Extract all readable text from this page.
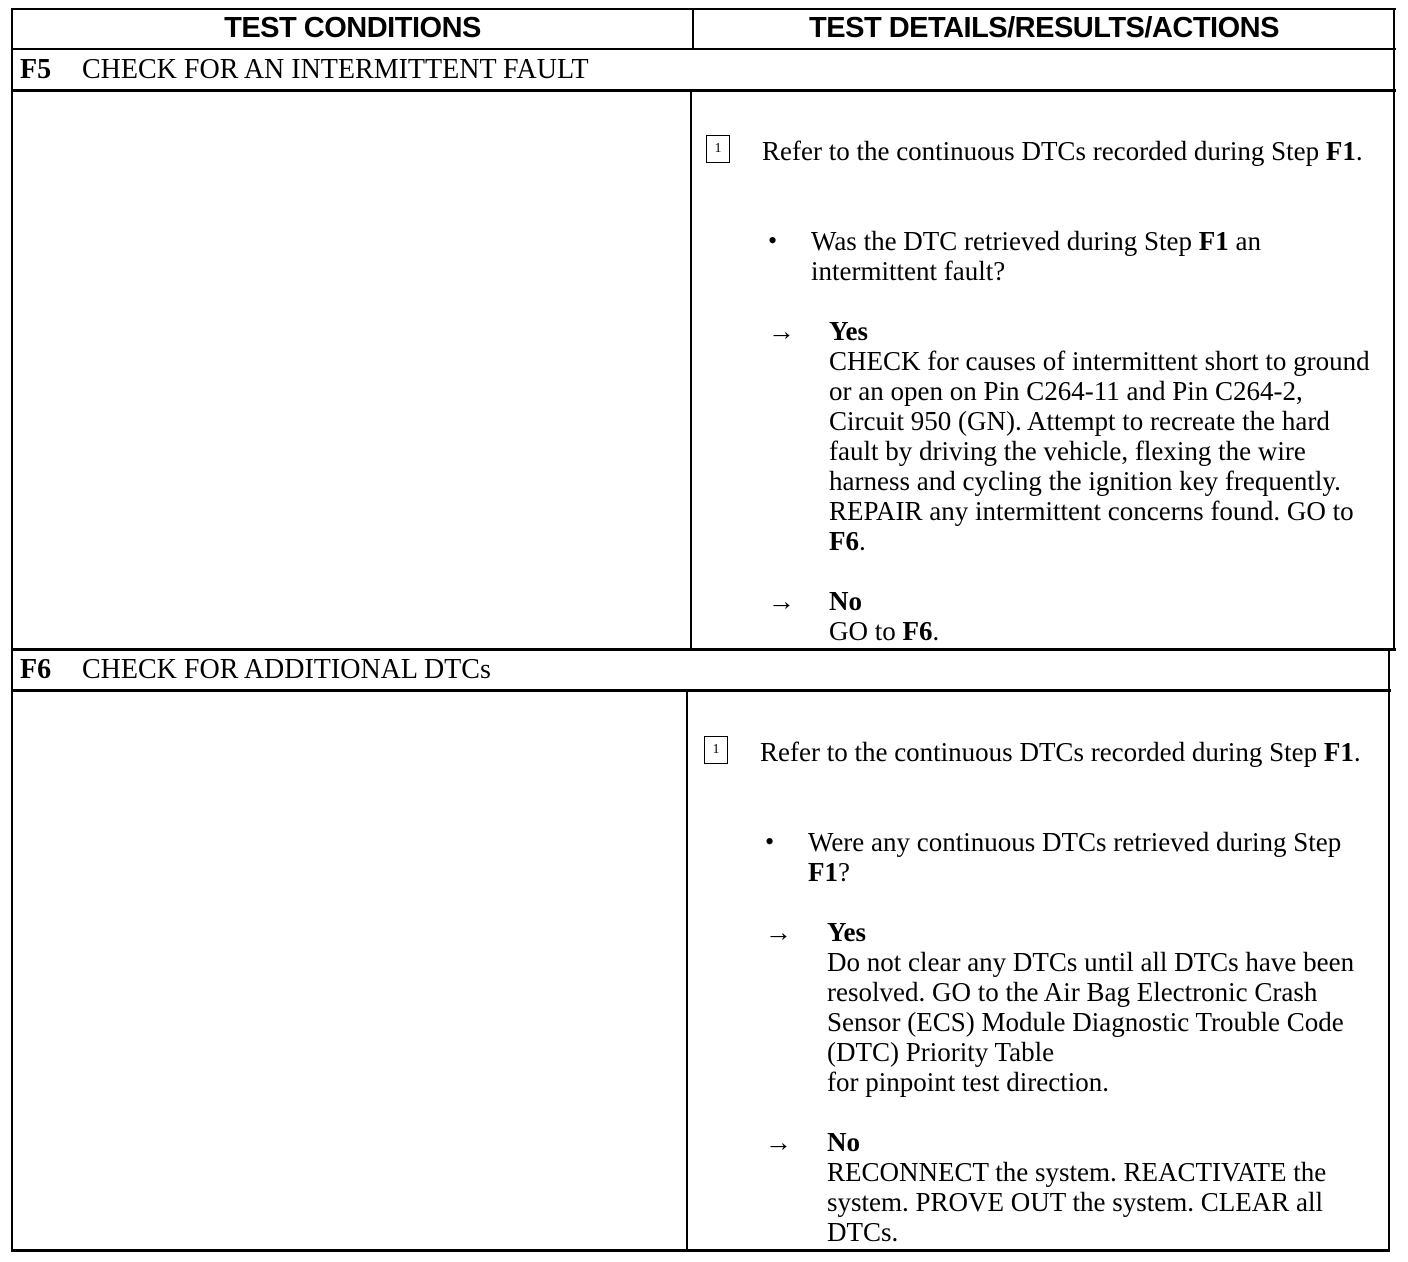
TEST CONDITIONS	TEST DETAILS/RESULTS/ACTIONS
F5 CHECK FOR AN INTERMITTENT FAULT
1	Refer to the continuous DTCs recorded during Step F1.
• Was the DTC retrieved during Step F1 an intermittent fault?
→ Yes
CHECK for causes of intermittent short to ground or an open on Pin C264-11 and Pin C264-2, Circuit 950 (GN). Attempt to recreate the hard fault by driving the vehicle, flexing the wire harness and cycling the ignition key frequently. REPAIR any intermittent concerns found. GO to F6.
→ No
GO to F6.
F6 CHECK FOR ADDITIONAL DTCs
1	Refer to the continuous DTCs recorded during Step F1.
• Were any continuous DTCs retrieved during Step F1?
→ Yes
Do not clear any DTCs until all DTCs have been resolved. GO to the Air Bag Electronic Crash Sensor (ECS) Module Diagnostic Trouble Code (DTC) Priority Table
for pinpoint test direction.
→ No
RECONNECT the system. REACTIVATE the system. PROVE OUT the system. CLEAR all DTCs.
